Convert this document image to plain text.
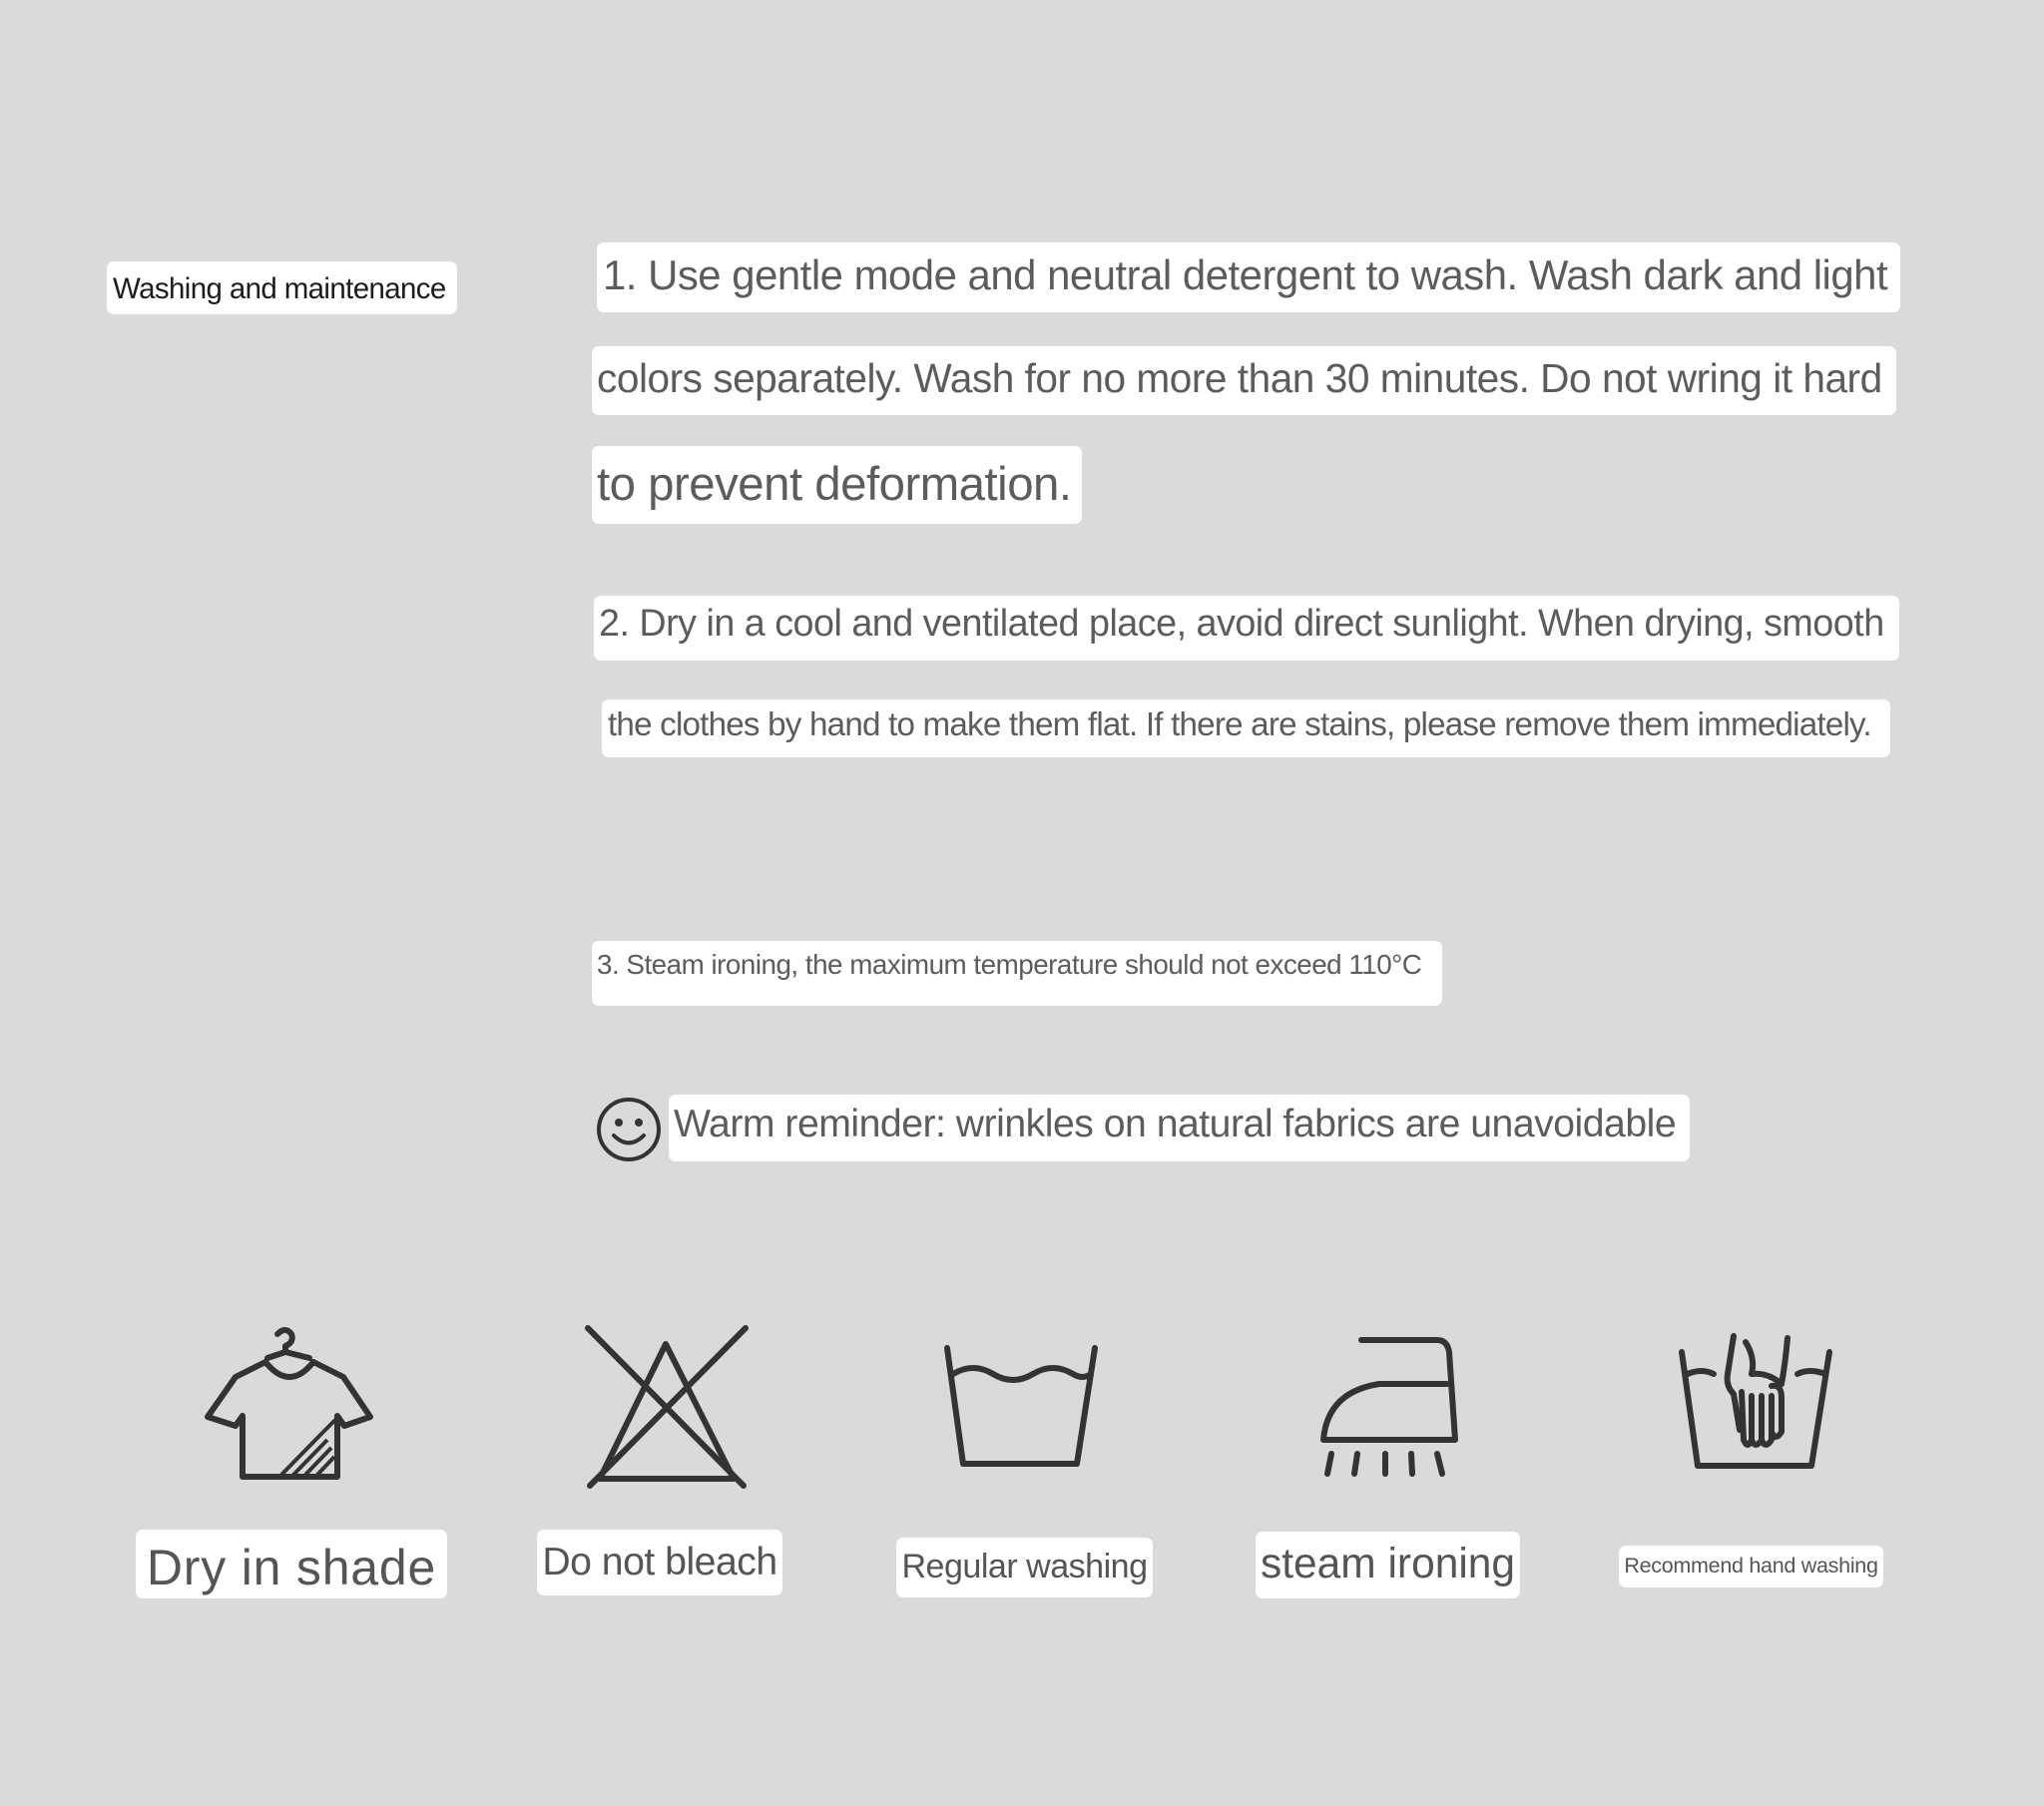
Washing and maintenance	1. Use gentle mode and neutral detergent to wash. Wash dark and light
colors separately. Wash for no more than 30 minutes. Do not wring it hard
to prevent deformation.
2. Dry in a cool and ventilated place, avoid direct sunlight. When drying, smooth
the clothes by hand to make them flat. If there are stains, please remove them immediately.
3. Steam ironing, the maximum temperature should not exceed 110°C
Warm reminder: wrinkles on natural fabrics are unavoidable
Dry in shade	Do not bleach	Regular washing	steam ironing	Recommend hand washing
